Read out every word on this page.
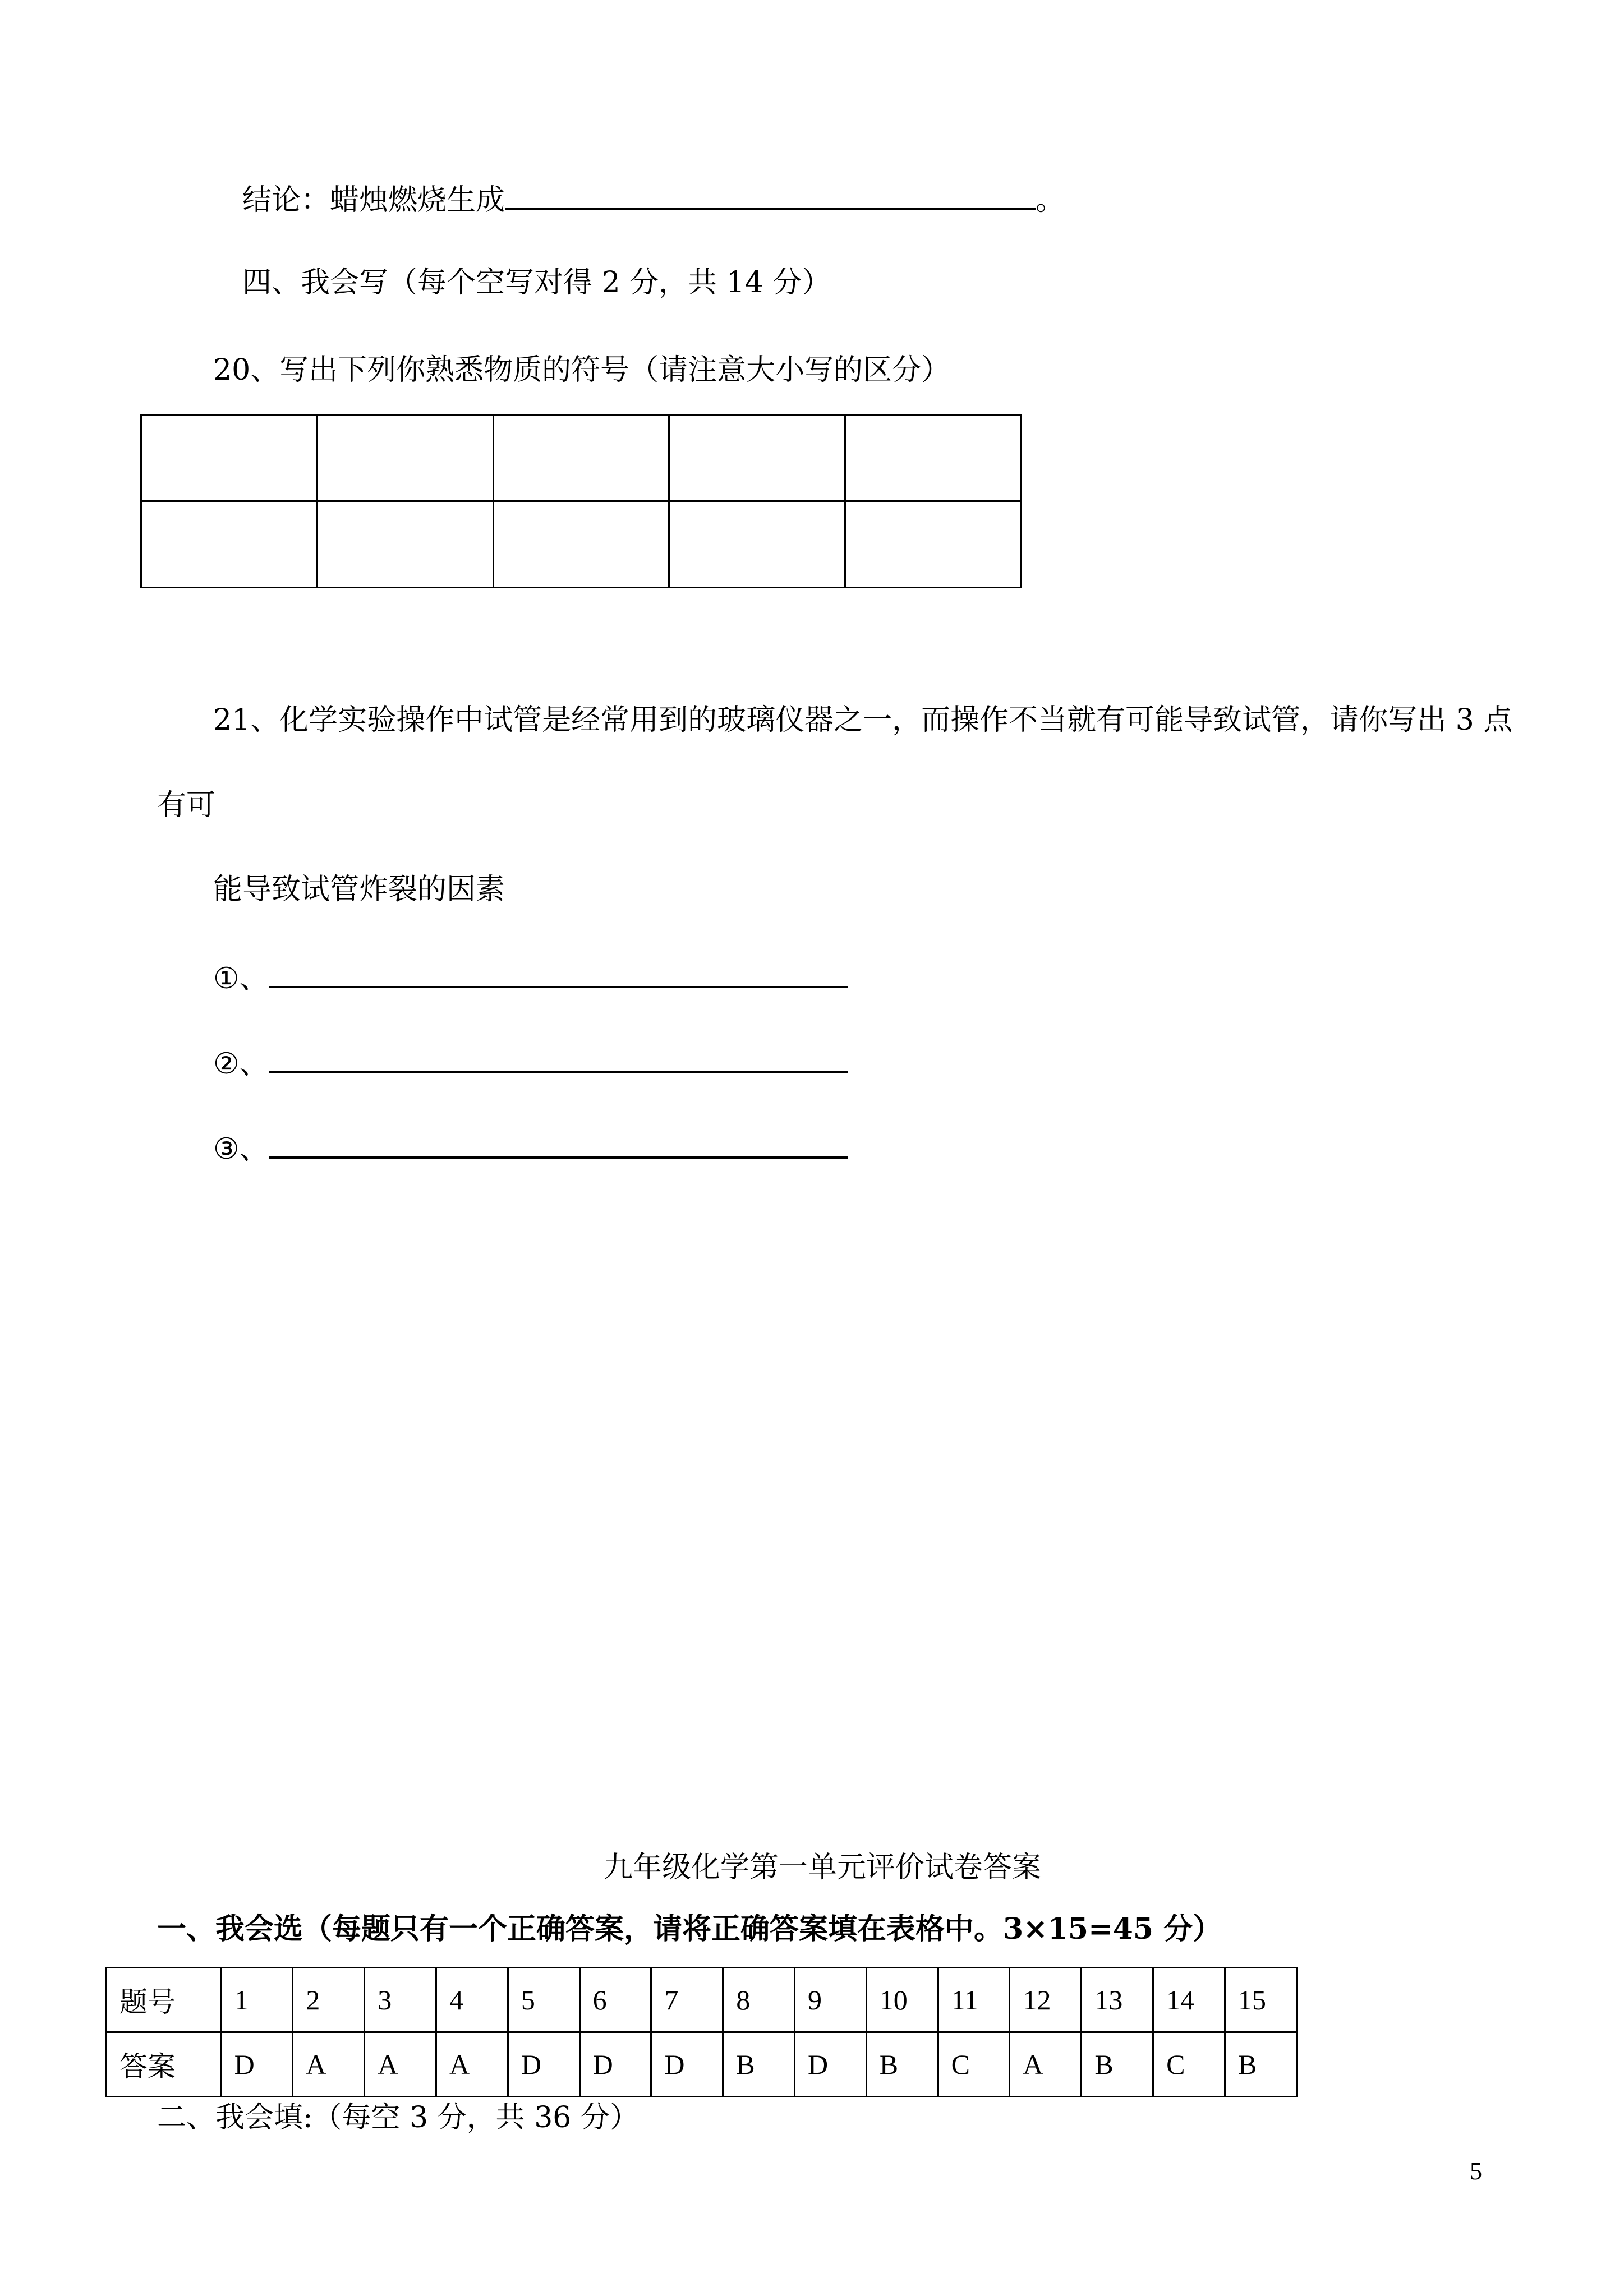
结论：蜡烛燃烧生成	。
四、我会写（每个空写对得 2 分，共 14 分）
20、写出下列你熟悉物质的符号（请注意大小写的区分）

21、化学实验操作中试管是经常用到的玻璃仪器之一，而操作不当就有可能导致试管，请你写出 3 点
有可
能导致试管炸裂的因素
①、
②、
③、
九年级化学第一单元评价试卷答案
一、我会选（每题只有一个正确答案，请将正确答案填在表格中。3×15=45 分）
题号	1	2	3	4	5	6	7	8	9	10	11	12	13	14	15
答案	D	A	A	A	D	D	D	B	D	B	C	A	B	C	B
二、我会填:（每空 3 分，共 36 分）
5
